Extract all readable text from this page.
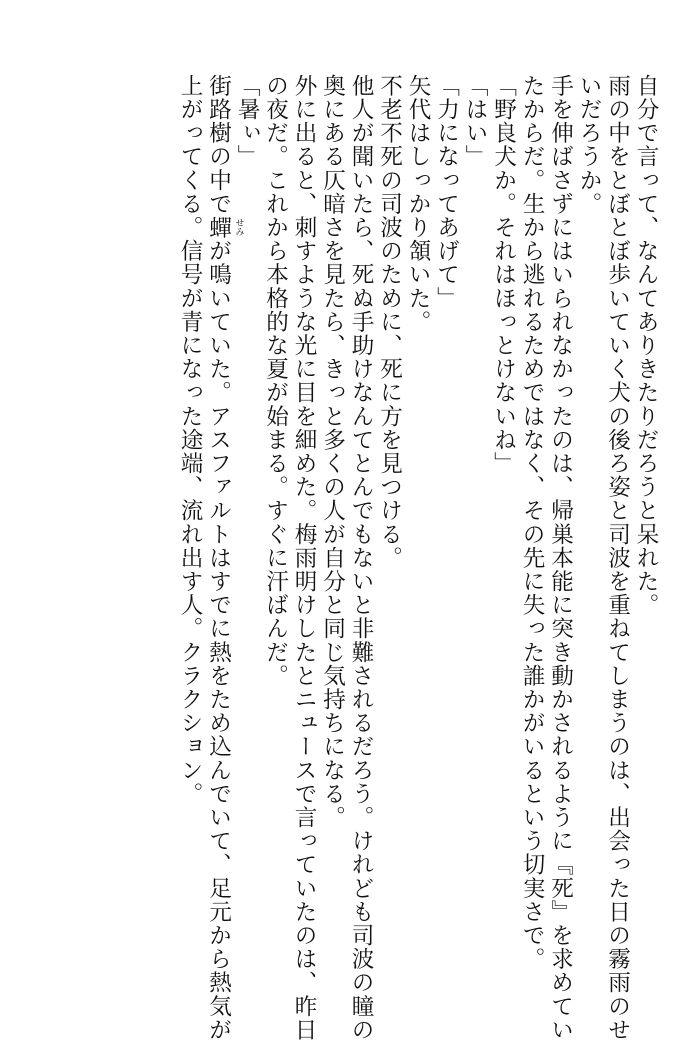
自分で言って、なんてありきたりだろうと呆れた。
雨の中をとぼとぼ歩いていく犬の後ろ姿と司波を重ねてしまうのは、出会った日の霧雨のせ
いだろうか。
手を伸ばさずにはいられなかったのは、帰巣本能に突き動かされるように『死』を求めてい
たからだ。生から逃れるためではなく、その先に失った誰かがいるという切実さで。
「野良犬か。それはほっとけないね」
「はい」
「力になってあげて」
矢代はしっかり頷いた。
不老不死の司波のために、死に方を見つける。
他人が聞いたら、死ぬ手助けなんてとんでもないと非難されるだろう。けれども司波の瞳の
奥にある仄暗さを見たら、きっと多くの人が自分と同じ気持ちになる。
外に出ると、刺すような光に目を細めた。梅雨明けしたとニュースで言っていたのは、昨日
の夜だ。これから本格的な夏が始まる。すぐに汗ばんだ。
「暑ぃ」
街路樹の中で蟬 せみ
が鳴いていた。アスファルトはすでに熱をため込んでいて、足元から熱気が
上がってくる。信号が青になった途端、流れ出す人。クラクション。
